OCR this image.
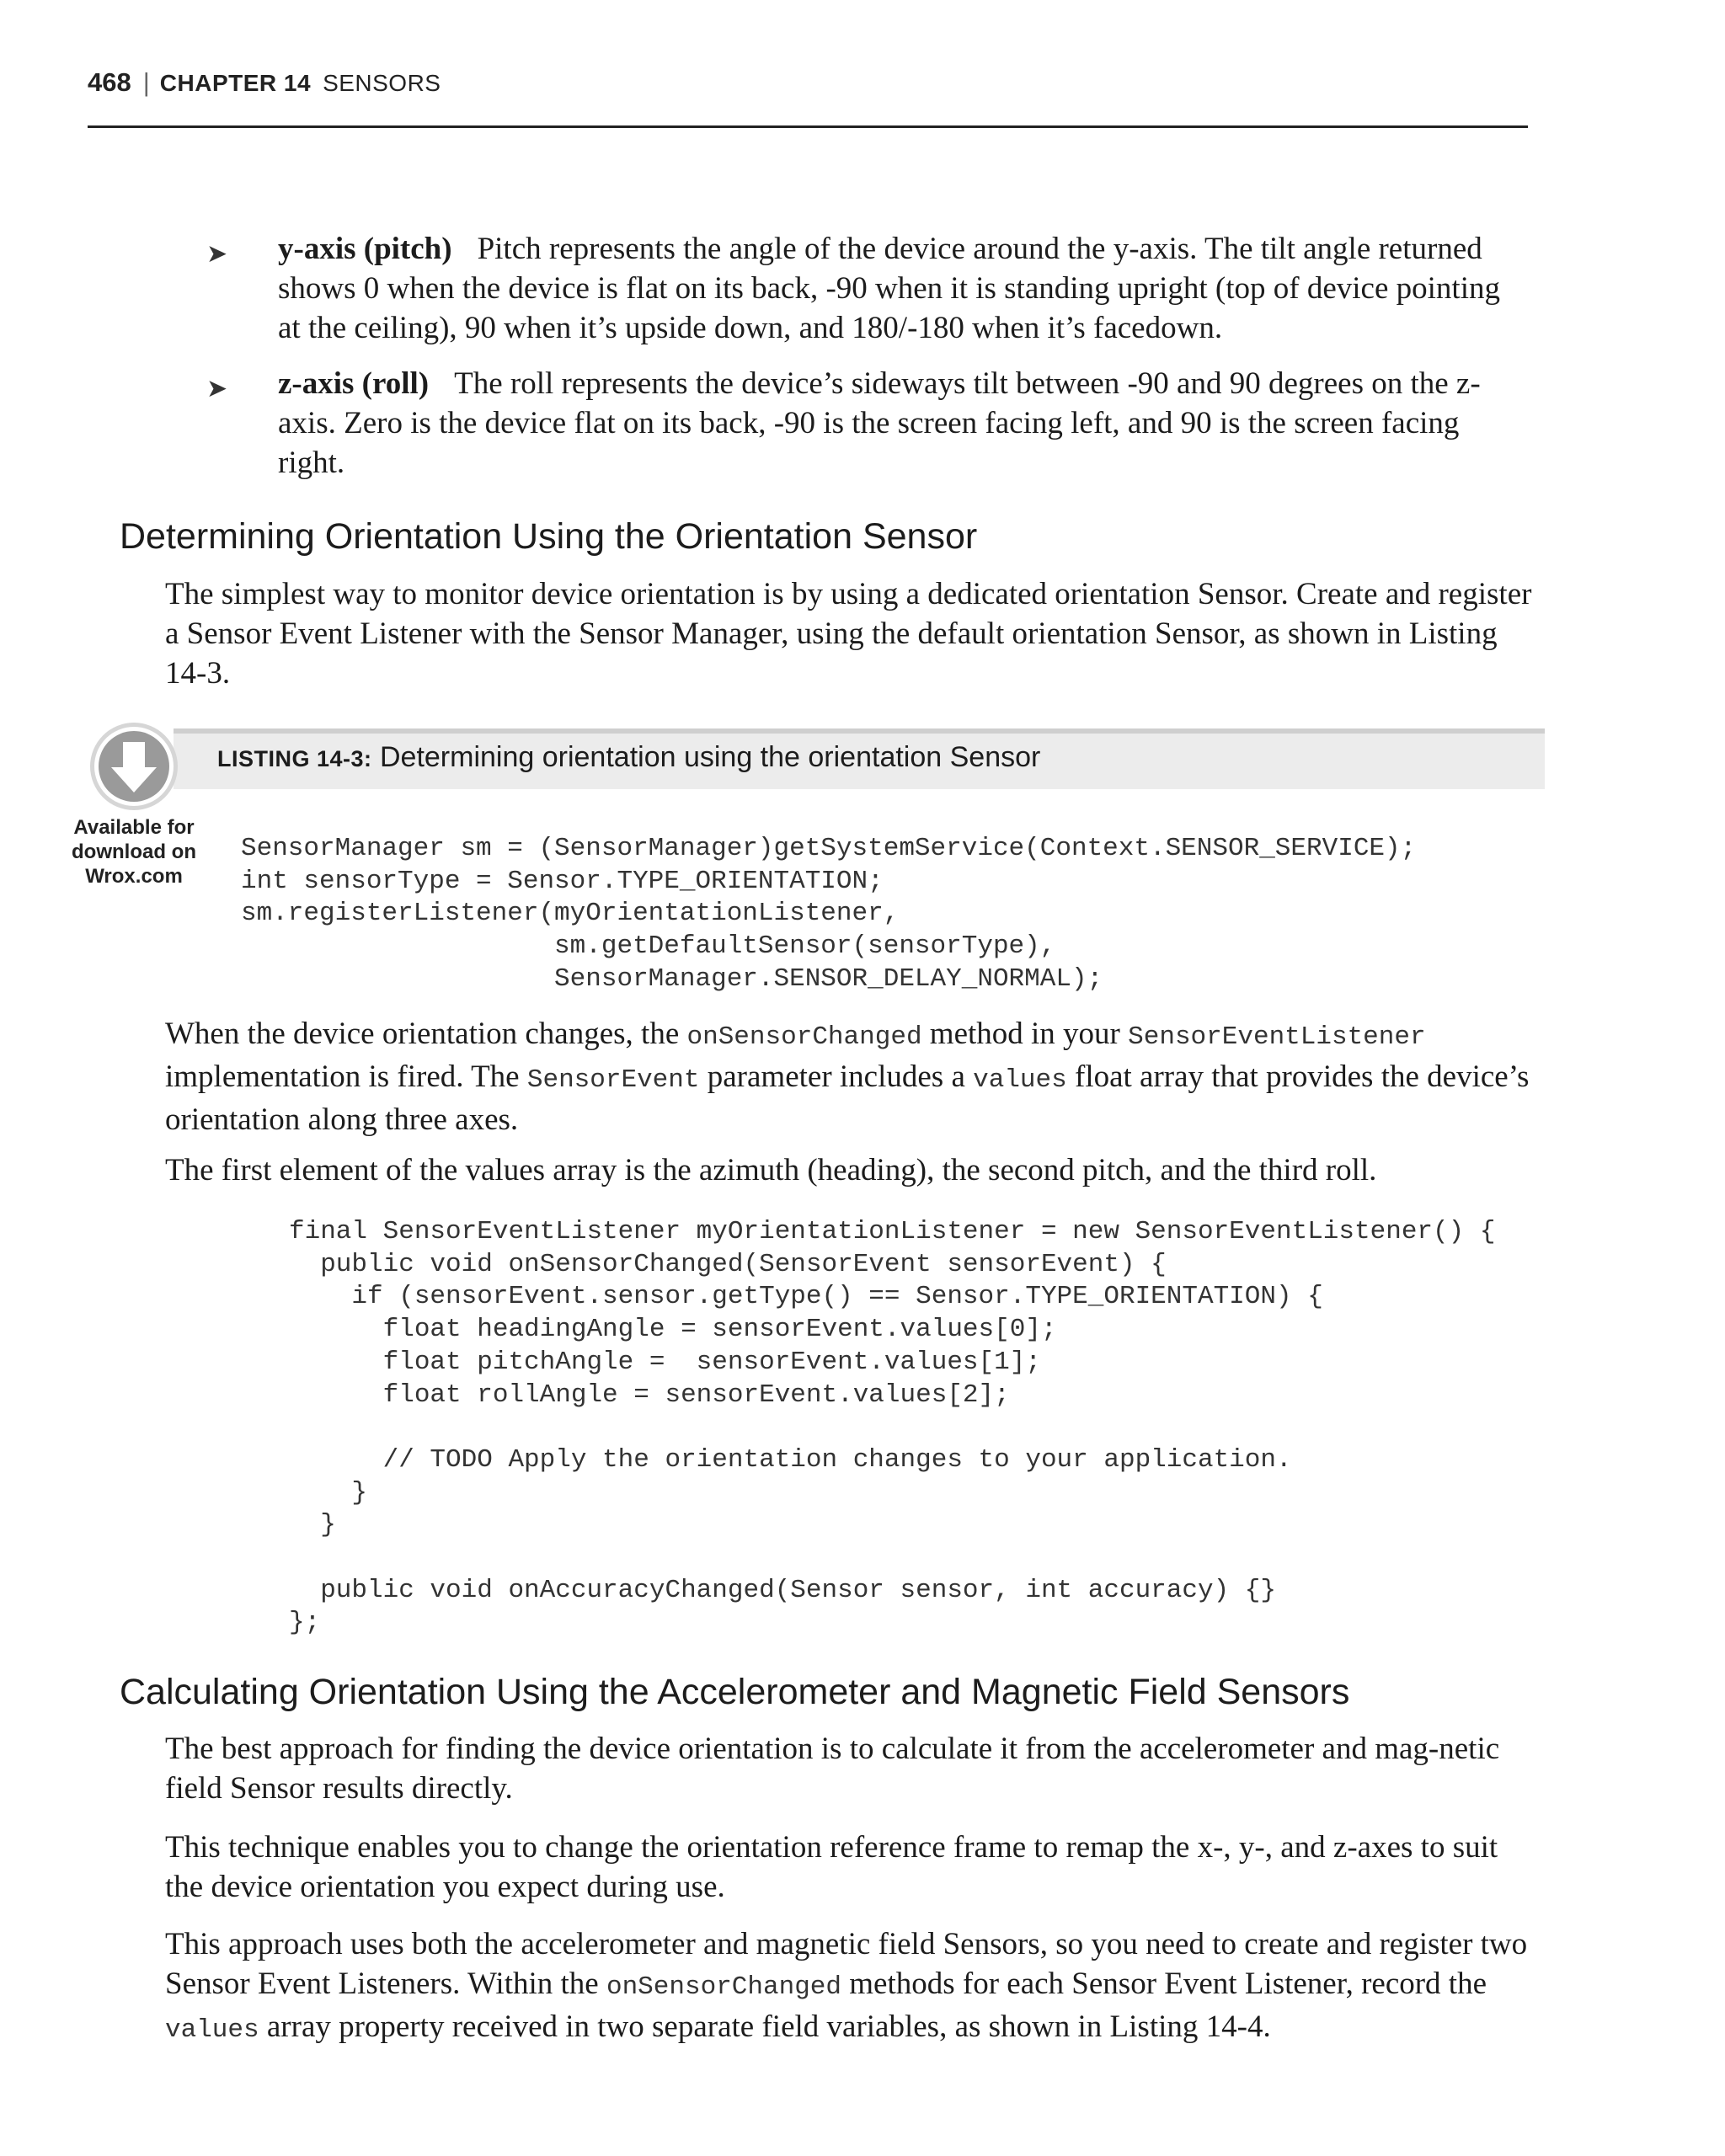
468 | CHAPTER 14 SENSORS
➤ y-axis (pitch) Pitch represents the angle of the device around the y-axis. The tilt angle returned shows 0 when the device is flat on its back, -90 when it is standing upright (top of device pointing at the ceiling), 90 when it’s upside down, and 180/-180 when it’s facedown.
➤ z-axis (roll) The roll represents the device’s sideways tilt between -90 and 90 degrees on the z-axis. Zero is the device flat on its back, -90 is the screen facing left, and 90 is the screen facing right.
Determining Orientation Using the Orientation Sensor
The simplest way to monitor device orientation is by using a dedicated orientation Sensor. Create and register a Sensor Event Listener with the Sensor Manager, using the default orientation Sensor, as shown in Listing 14-3.
LISTING 14-3: Determining orientation using the orientation Sensor
Available for
download on
Wrox.com
SensorManager sm = (SensorManager)getSystemService(Context.SENSOR_SERVICE);
int sensorType = Sensor.TYPE_ORIENTATION;
sm.registerListener(myOrientationListener,
sm.getDefaultSensor(sensorType),
SensorManager.SENSOR_DELAY_NORMAL);
When the device orientation changes, the onSensorChanged method in your SensorEventListener implementation is fired. The SensorEvent parameter includes a values float array that provides the device’s orientation along three axes.
The first element of the values array is the azimuth (heading), the second pitch, and the third roll.
final SensorEventListener myOrientationListener = new SensorEventListener() {
public void onSensorChanged(SensorEvent sensorEvent) {
if (sensorEvent.sensor.getType() == Sensor.TYPE_ORIENTATION) {
float headingAngle = sensorEvent.values[0];
float pitchAngle =  sensorEvent.values[1];
float rollAngle = sensorEvent.values[2];

// TODO Apply the orientation changes to your application.
}
}

public void onAccuracyChanged(Sensor sensor, int accuracy) {}
};
Calculating Orientation Using the Accelerometer and Magnetic Field Sensors
The best approach for finding the device orientation is to calculate it from the accelerometer and mag-netic field Sensor results directly.
This technique enables you to change the orientation reference frame to remap the x-, y-, and z-axes to suit the device orientation you expect during use.
This approach uses both the accelerometer and magnetic field Sensors, so you need to create and register two Sensor Event Listeners. Within the onSensorChanged methods for each Sensor Event Listener, record the values array property received in two separate field variables, as shown in Listing 14-4.
